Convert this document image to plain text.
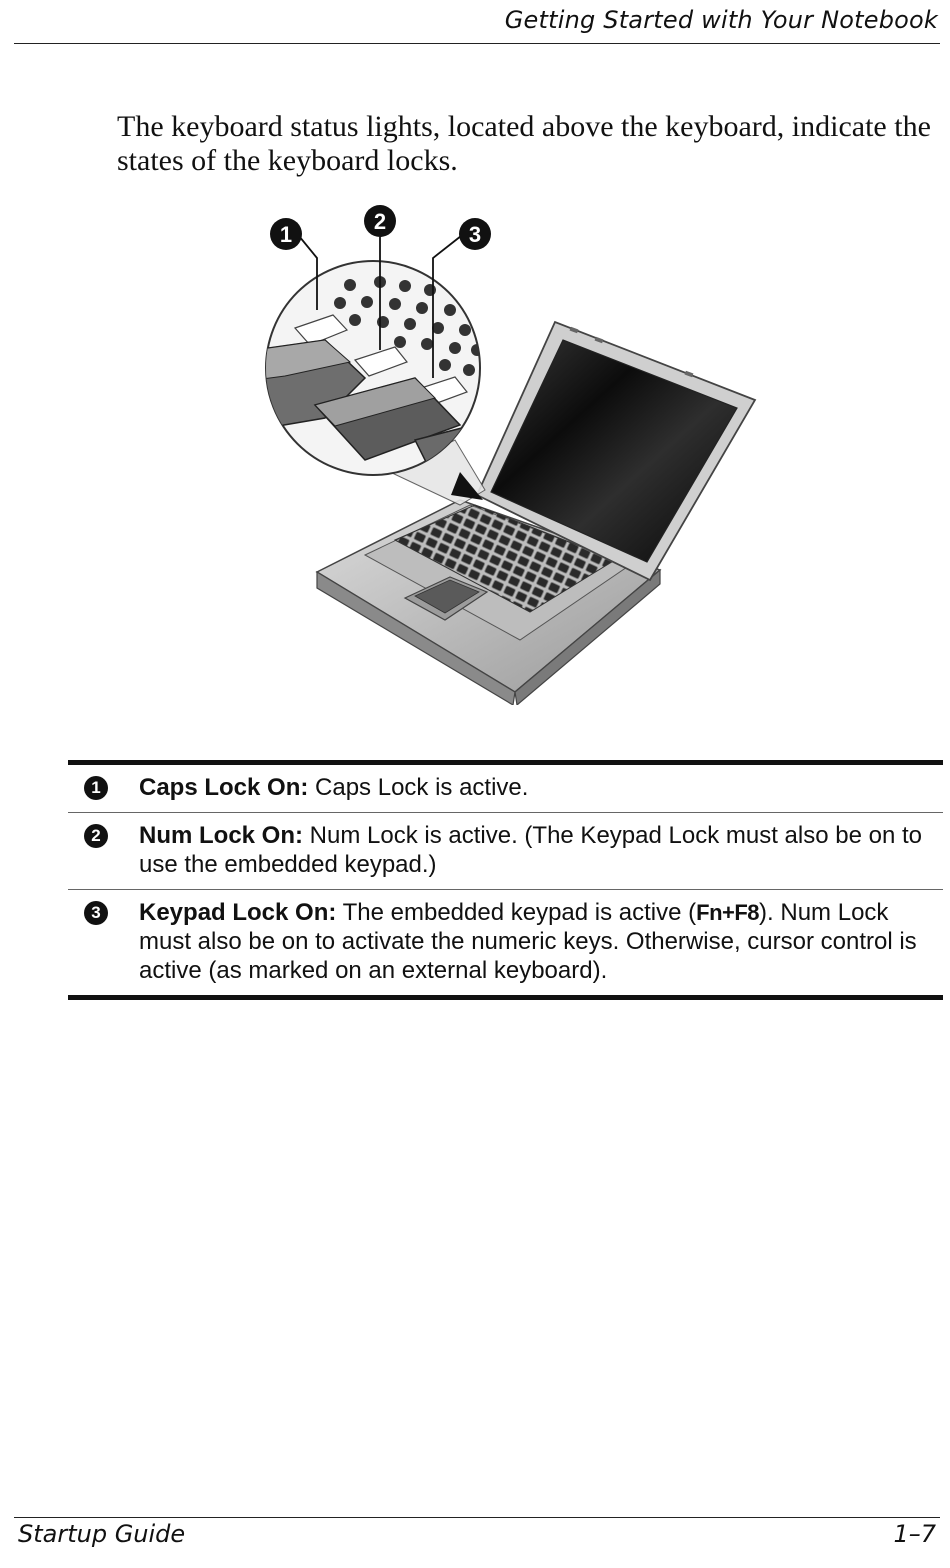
Getting Started with Your Notebook

The keyboard status lights, located above the keyboard, indicate the states of the keyboard locks.

1
2
3
1	Caps Lock On: Caps Lock is active.
2	Num Lock On: Num Lock is active. (The Keypad Lock must also be on to use the embedded keypad.)
3	Keypad Lock On: The embedded keypad is active (Fn+F8). Num Lock must also be on to activate the numeric keys. Otherwise, cursor control is active (as marked on an external keyboard).
Startup Guide	1–7
